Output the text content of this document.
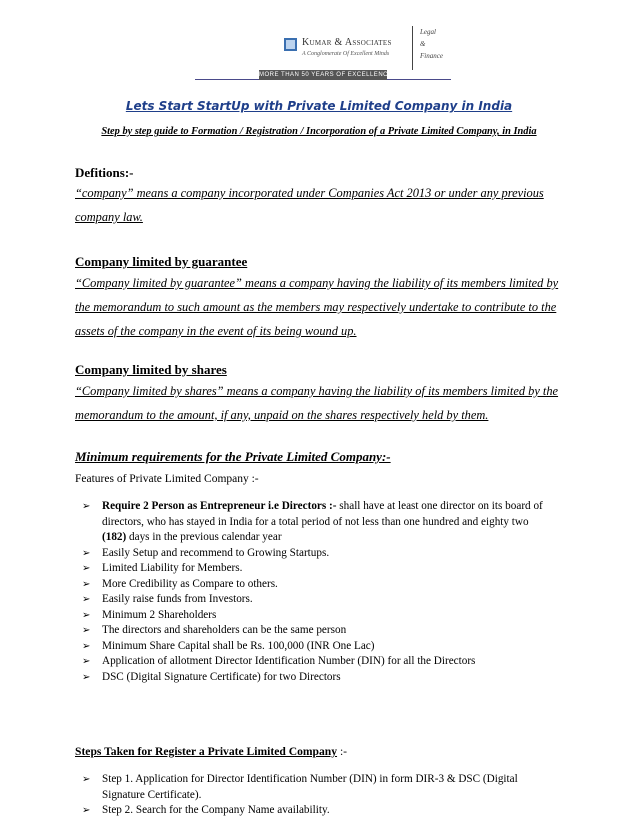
Kumar & Associates
A Conglomerate Of Excellent Minds
Legal
&
Finance
MORE THAN 50 YEARS OF EXCELLENCE
Lets Start StartUp with Private Limited Company in India
Step by step guide to Formation / Registration / Incorporation of a Private Limited Company, in India
Defitions:-
“company” means a company incorporated under Companies Act 2013 or under any previous
company law.
Company limited by guarantee
“Company limited by guarantee” means a company having the liability of its members limited by
the memorandum to such amount as the members may respectively undertake to contribute to the
assets of the company in the event of its being wound up.
Company limited by shares
“Company limited by shares” means a company having the liability of its members limited by the
memorandum to the amount, if any, unpaid on the shares respectively held by them.
Minimum requirements for the Private Limited Company:-
Features of Private Limited Company :-
➢ Require 2 Person as Entrepreneur i.e Directors :- shall have at least one director on its board of
directors, who has stayed in India for a total period of not less than one hundred and eighty two
(182) days in the previous calendar year
➢ Easily Setup and recommend to Growing Startups.
➢ Limited Liability for Members.
➢ More Credibility as Compare to others.
➢ Easily raise funds from Investors.
➢ Minimum 2 Shareholders
➢ The directors and shareholders can be the same person
➢ Minimum Share Capital shall be Rs. 100,000 (INR One Lac)
➢ Application of allotment Director Identification Number (DIN) for all the Directors
➢ DSC (Digital Signature Certificate) for two Directors
Steps Taken for Register a Private Limited Company :-
➢ Step 1. Application for Director Identification Number (DIN) in form DIR-3 & DSC (Digital
Signature Certificate).
➢ Step 2. Search for the Company Name availability.
